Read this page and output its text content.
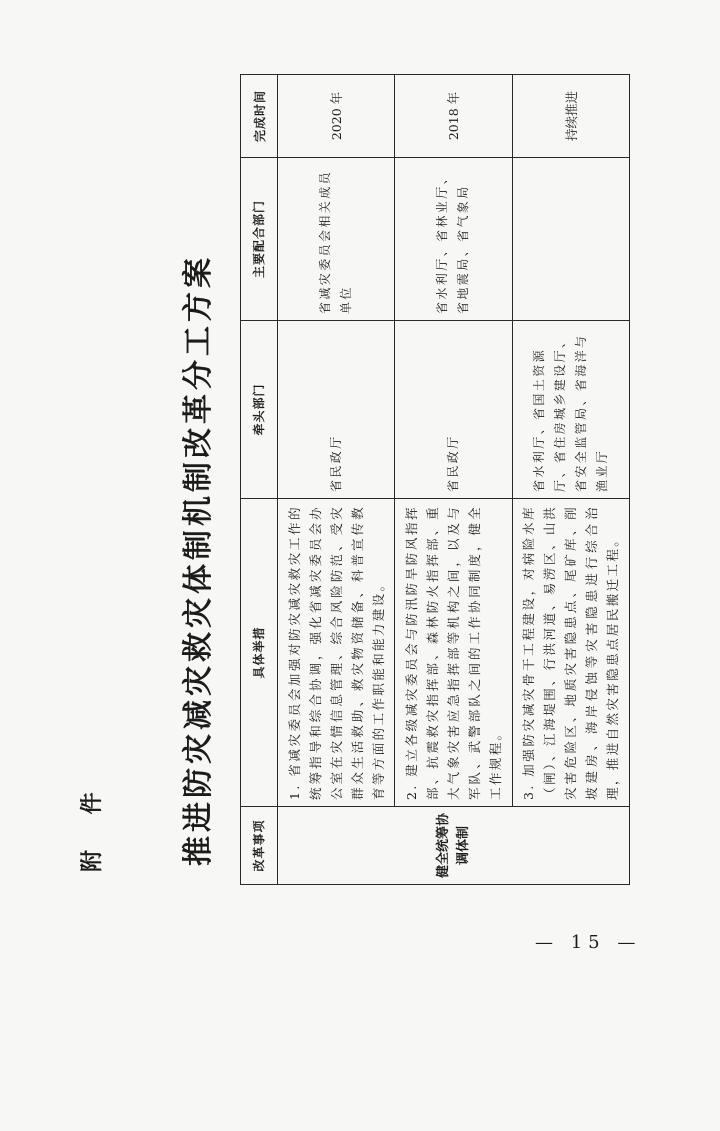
附 件	推进防灾减灾救灾体制机制改革分工方案	改革事项	具体举措	牵头部门	主要配合部门	完成时间
健全统筹协调体制	1. 省减灾委员会加强对防灾减灾救灾工作的统筹指导和综合协调，强化省减灾委员会办公室在灾情信息管理、综合风险防范、受灾群众生活救助、救灾物资储备、科普宣传教育等方面的工作职能和能力建设。	省民政厅	省减灾委员会相关成员单位	2020 年
	2. 建立各级减灾委员会与防汛防旱防风指挥部、抗震救灾指挥部、森林防火指挥部、重大气象灾害应急指挥部等机构之间，以及与军队、武警部队之间的工作协同制度，健全工作规程。	省民政厅	省水利厅、省林业厅、省地震局、省气象局	2018 年
	3. 加强防灾减灾骨干工程建设，对病险水库（闸）、江海堤围、行洪河道、易涝区、山洪灾害危险区、地质灾害隐患点、尾矿库、削坡建房、海岸侵蚀等灾害隐患进行综合治理，推进自然灾害隐患点居民搬迁工程。	省水利厅、省国土资源厅、省住房城乡建设厅、省安全监管局、省海洋与渔业厅		持续推进
— 15 —
